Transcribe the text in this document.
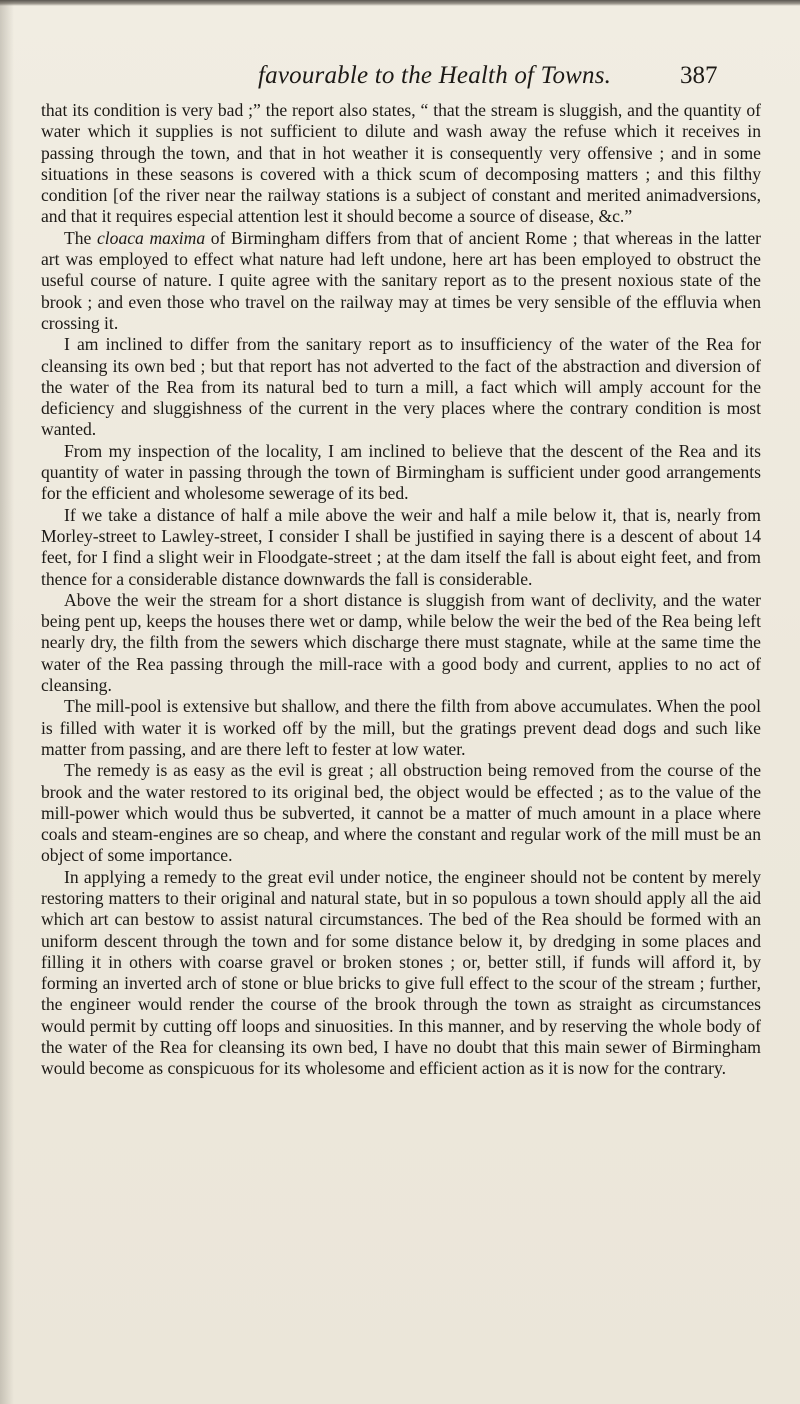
favourable to the Health of Towns.	387

that its condition is very bad ;” the report also states, “ that the stream is sluggish, and the quantity of water which it supplies is not sufficient to dilute and wash away the refuse which it receives in passing through the town, and that in hot weather it is consequently very offensive ; and in some situations in these seasons is covered with a thick scum of decomposing matters ; and this filthy condition [of the river near the railway stations is a subject of constant and merited animadversions, and that it requires especial attention lest it should become a source of disease, &c.”

The cloaca maxima of Birmingham differs from that of ancient Rome ; that whereas in the latter art was employed to effect what nature had left undone, here art has been employed to obstruct the useful course of nature. I quite agree with the sanitary report as to the present noxious state of the brook ; and even those who travel on the railway may at times be very sensible of the effluvia when crossing it.

I am inclined to differ from the sanitary report as to insufficiency of the water of the Rea for cleansing its own bed ; but that report has not adverted to the fact of the abstraction and diversion of the water of the Rea from its natural bed to turn a mill, a fact which will amply account for the deficiency and sluggishness of the current in the very places where the contrary condition is most wanted.

From my inspection of the locality, I am inclined to believe that the descent of the Rea and its quantity of water in passing through the town of Birmingham is sufficient under good arrangements for the efficient and wholesome sewerage of its bed.

If we take a distance of half a mile above the weir and half a mile below it, that is, nearly from Morley-street to Lawley-street, I consider I shall be justified in saying there is a descent of about 14 feet, for I find a slight weir in Floodgate-street ; at the dam itself the fall is about eight feet, and from thence for a considerable distance downwards the fall is considerable.

Above the weir the stream for a short distance is sluggish from want of declivity, and the water being pent up, keeps the houses there wet or damp, while below the weir the bed of the Rea being left nearly dry, the filth from the sewers which discharge there must stagnate, while at the same time the water of the Rea passing through the mill-race with a good body and current, applies to no act of cleansing.

The mill-pool is extensive but shallow, and there the filth from above accumulates. When the pool is filled with water it is worked off by the mill, but the gratings prevent dead dogs and such like matter from passing, and are there left to fester at low water.

The remedy is as easy as the evil is great ; all obstruction being removed from the course of the brook and the water restored to its original bed, the object would be effected ; as to the value of the mill-power which would thus be subverted, it cannot be a matter of much amount in a place where coals and steam-engines are so cheap, and where the constant and regular work of the mill must be an object of some importance.

In applying a remedy to the great evil under notice, the engineer should not be content by merely restoring matters to their original and natural state, but in so populous a town should apply all the aid which art can bestow to assist natural circumstances. The bed of the Rea should be formed with an uniform descent through the town and for some distance below it, by dredging in some places and filling it in others with coarse gravel or broken stones ; or, better still, if funds will afford it, by forming an inverted arch of stone or blue bricks to give full effect to the scour of the stream ; further, the engineer would render the course of the brook through the town as straight as circumstances would permit by cutting off loops and sinuosities. In this manner, and by reserving the whole body of the water of the Rea for cleansing its own bed, I have no doubt that this main sewer of Birmingham would become as conspicuous for its wholesome and efficient action as it is now for the contrary.
